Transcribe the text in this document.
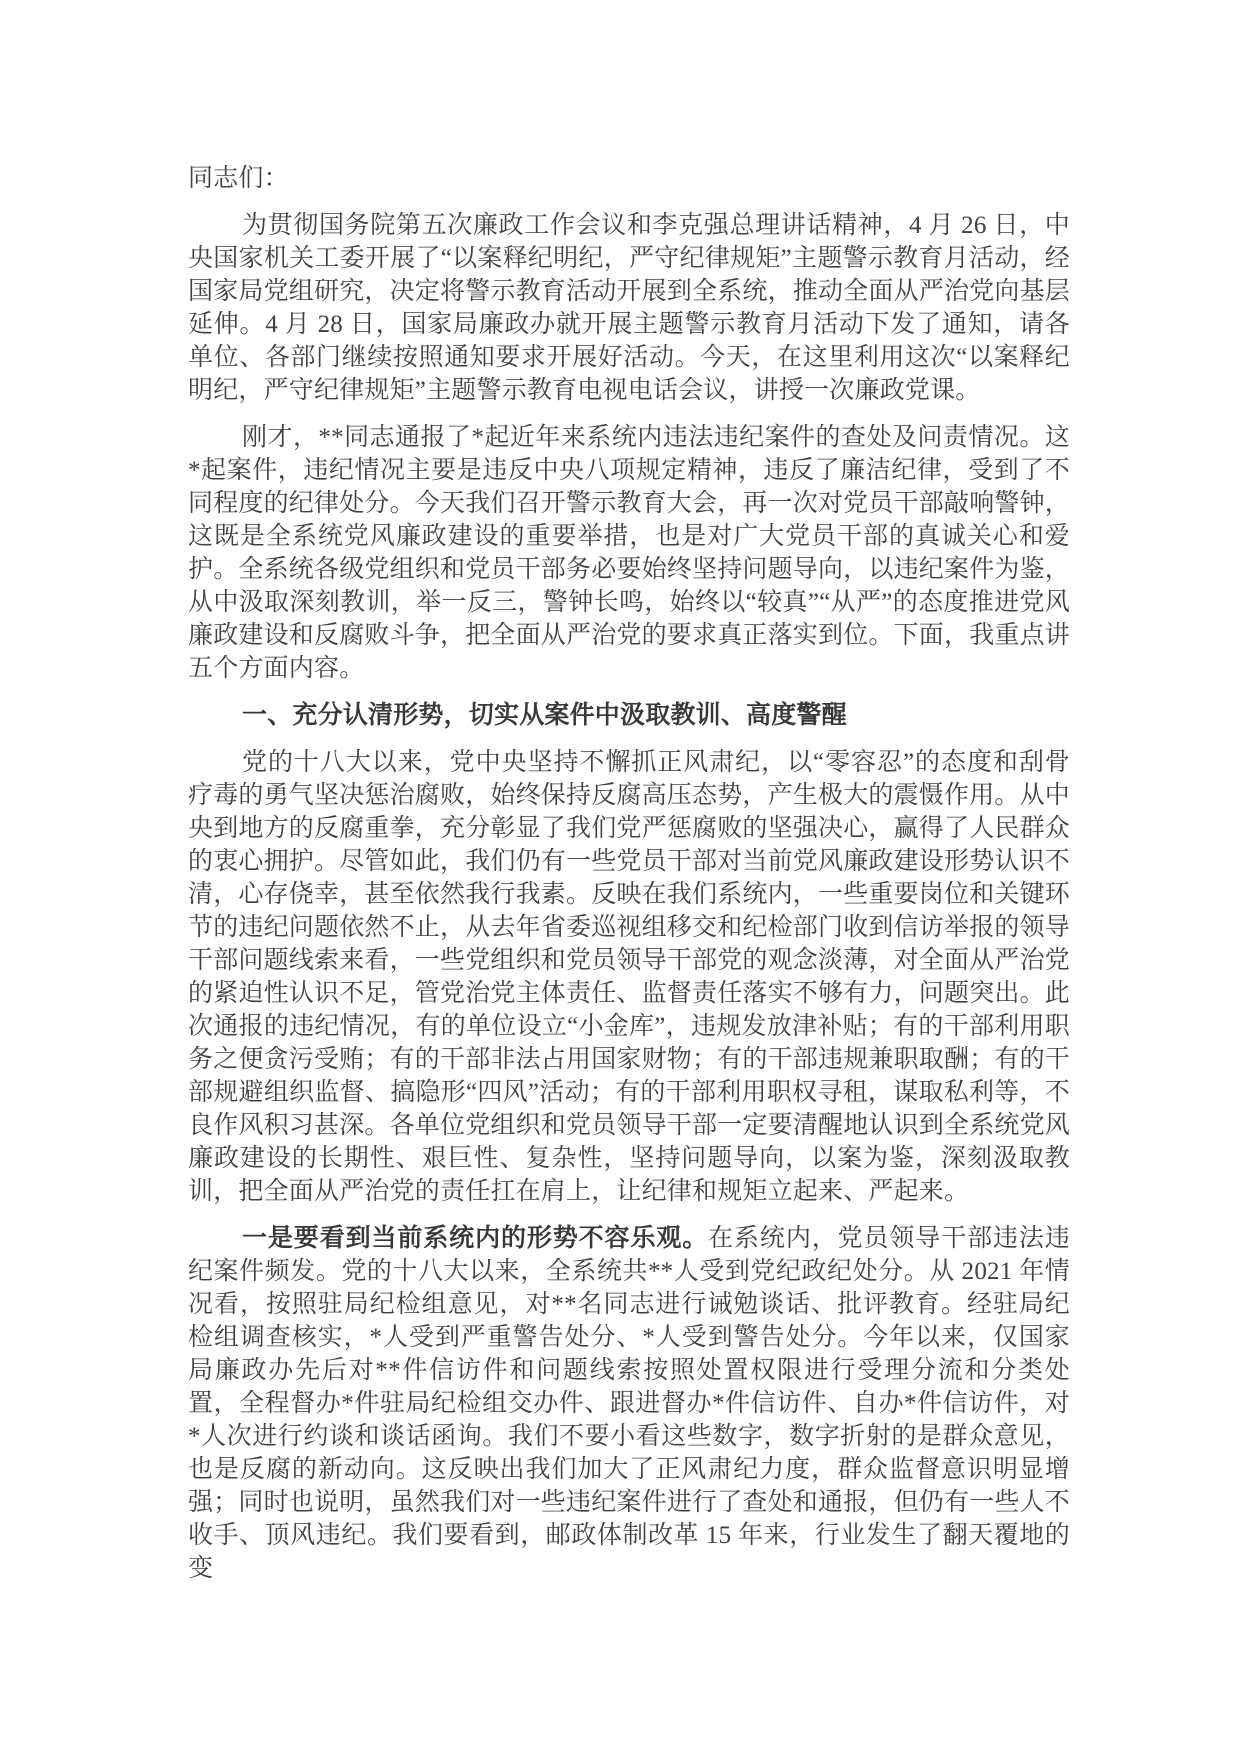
同志们：

为贯彻国务院第五次廉政工作会议和李克强总理讲话精神，4 月 26 日，中央国家机关工委开展了“以案释纪明纪，严守纪律规矩”主题警示教育月活动，经国家局党组研究，决定将警示教育活动开展到全系统，推动全面从严治党向基层延伸。4 月 28 日，国家局廉政办就开展主题警示教育月活动下发了通知，请各单位、各部门继续按照通知要求开展好活动。今天，在这里利用这次“以案释纪明纪，严守纪律规矩”主题警示教育电视电话会议，讲授一次廉政党课。

刚才，**同志通报了*起近年来系统内违法违纪案件的查处及问责情况。这*起案件，违纪情况主要是违反中央八项规定精神，违反了廉洁纪律，受到了不同程度的纪律处分。今天我们召开警示教育大会，再一次对党员干部敲响警钟，这既是全系统党风廉政建设的重要举措，也是对广大党员干部的真诚关心和爱护。全系统各级党组织和党员干部务必要始终坚持问题导向，以违纪案件为鉴，从中汲取深刻教训，举一反三，警钟长鸣，始终以“较真”“从严”的态度推进党风廉政建设和反腐败斗争，把全面从严治党的要求真正落实到位。下面，我重点讲五个方面内容。

一、充分认清形势，切实从案件中汲取教训、高度警醒

党的十八大以来，党中央坚持不懈抓正风肃纪，以“零容忍”的态度和刮骨疗毒的勇气坚决惩治腐败，始终保持反腐高压态势，产生极大的震慑作用。从中央到地方的反腐重拳，充分彰显了我们党严惩腐败的坚强决心，赢得了人民群众的衷心拥护。尽管如此，我们仍有一些党员干部对当前党风廉政建设形势认识不清，心存侥幸，甚至依然我行我素。反映在我们系统内，一些重要岗位和关键环节的违纪问题依然不止，从去年省委巡视组移交和纪检部门收到信访举报的领导干部问题线索来看，一些党组织和党员领导干部党的观念淡薄，对全面从严治党的紧迫性认识不足，管党治党主体责任、监督责任落实不够有力，问题突出。此次通报的违纪情况，有的单位设立“小金库”，违规发放津补贴；有的干部利用职务之便贪污受贿；有的干部非法占用国家财物；有的干部违规兼职取酬；有的干部规避组织监督、搞隐形“四风”活动；有的干部利用职权寻租，谋取私利等，不良作风积习甚深。各单位党组织和党员领导干部一定要清醒地认识到全系统党风廉政建设的长期性、艰巨性、复杂性，坚持问题导向，以案为鉴，深刻汲取教训，把全面从严治党的责任扛在肩上，让纪律和规矩立起来、严起来。

一是要看到当前系统内的形势不容乐观。在系统内，党员领导干部违法违纪案件频发。党的十八大以来，全系统共**人受到党纪政纪处分。从 2021 年情况看，按照驻局纪检组意见，对**名同志进行诫勉谈话、批评教育。经驻局纪检组调查核实，*人受到严重警告处分、*人受到警告处分。今年以来，仅国家局廉政办先后对**件信访件和问题线索按照处置权限进行受理分流和分类处置，全程督办*件驻局纪检组交办件、跟进督办*件信访件、自办*件信访件，对*人次进行约谈和谈话函询。我们不要小看这些数字，数字折射的是群众意见，也是反腐的新动向。这反映出我们加大了正风肃纪力度，群众监督意识明显增强；同时也说明，虽然我们对一些违纪案件进行了查处和通报，但仍有一些人不收手、顶风违纪。我们要看到，邮政体制改革 15 年来，行业发生了翻天覆地的变
